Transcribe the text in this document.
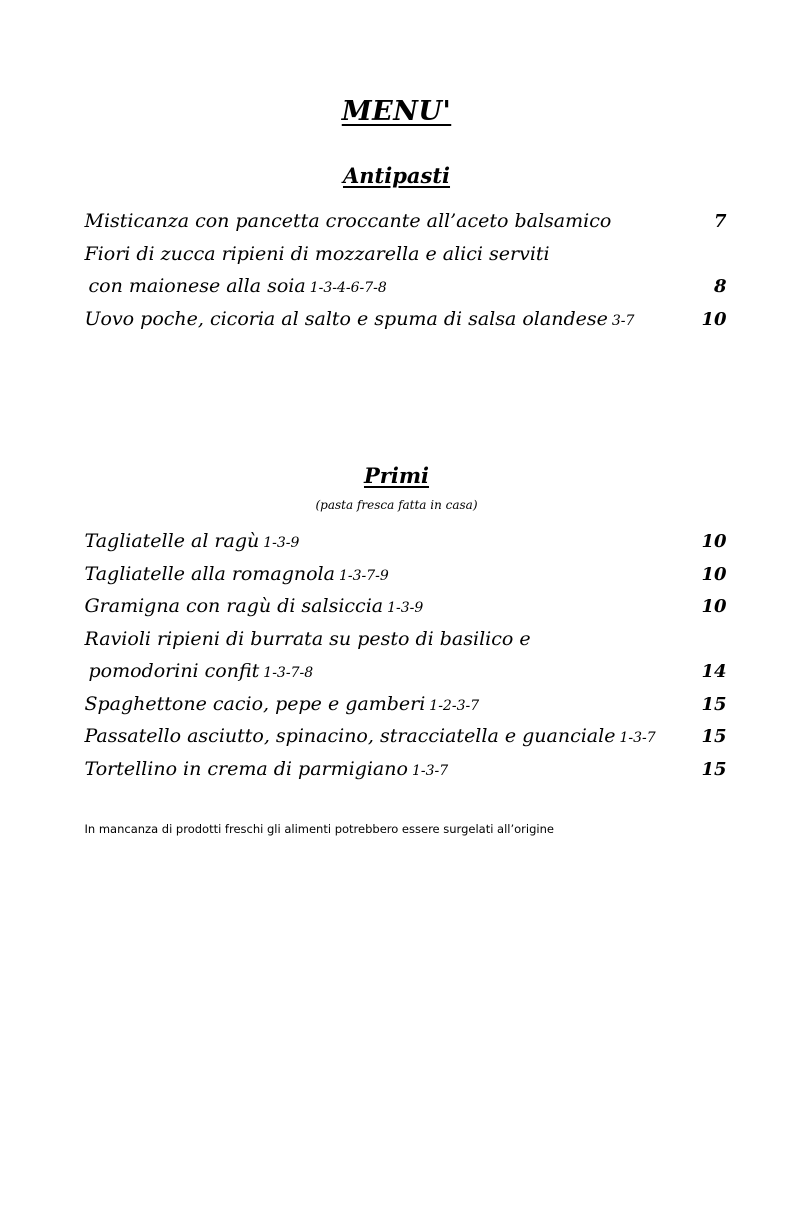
MENU'
Antipasti
Misticanza con pancetta croccante all’aceto balsamico	7
Fiori di zucca ripieni di mozzarella e alici serviti
con maionese alla soia 1-3-4-6-7-8	8
Uovo poche, cicoria al salto e spuma di salsa olandese 3-7	10
Primi
(pasta fresca fatta in casa)
Tagliatelle al ragù 1-3-9	10
Tagliatelle alla romagnola 1-3-7-9	10
Gramigna con ragù di salsiccia 1-3-9	10
Ravioli ripieni di burrata su pesto di basilico e
pomodorini confit 1-3-7-8	14
Spaghettone cacio, pepe e gamberi 1-2-3-7	15
Passatello asciutto, spinacino, stracciatella e guanciale 1-3-7	15
Tortellino in crema di parmigiano 1-3-7	15
In mancanza di prodotti freschi gli alimenti potrebbero essere surgelati all’origine
